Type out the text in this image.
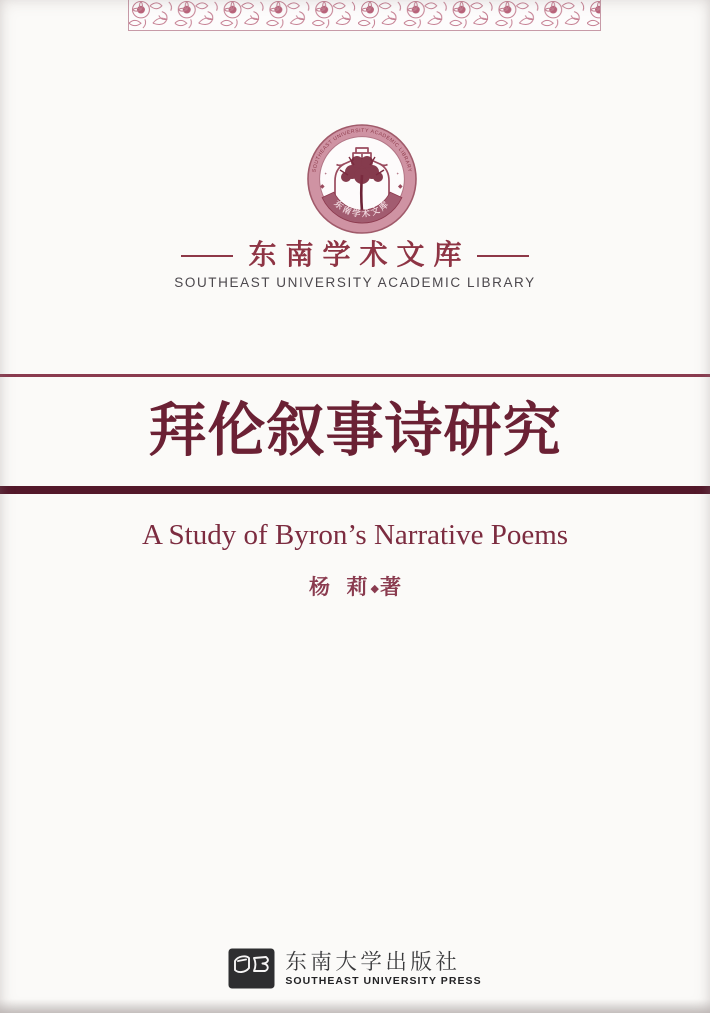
SOUTHEAST UNIVERSITY ACADEMIC LIBRARY
◆	◆
✦	✦
东南学术文库
东南学术文库
SOUTHEAST UNIVERSITY ACADEMIC LIBRARY
拜伦叙事诗研究
A Study of Byron’s Narrative Poems
杨  莉◆著
东南大学出版社
SOUTHEAST UNIVERSITY PRESS
